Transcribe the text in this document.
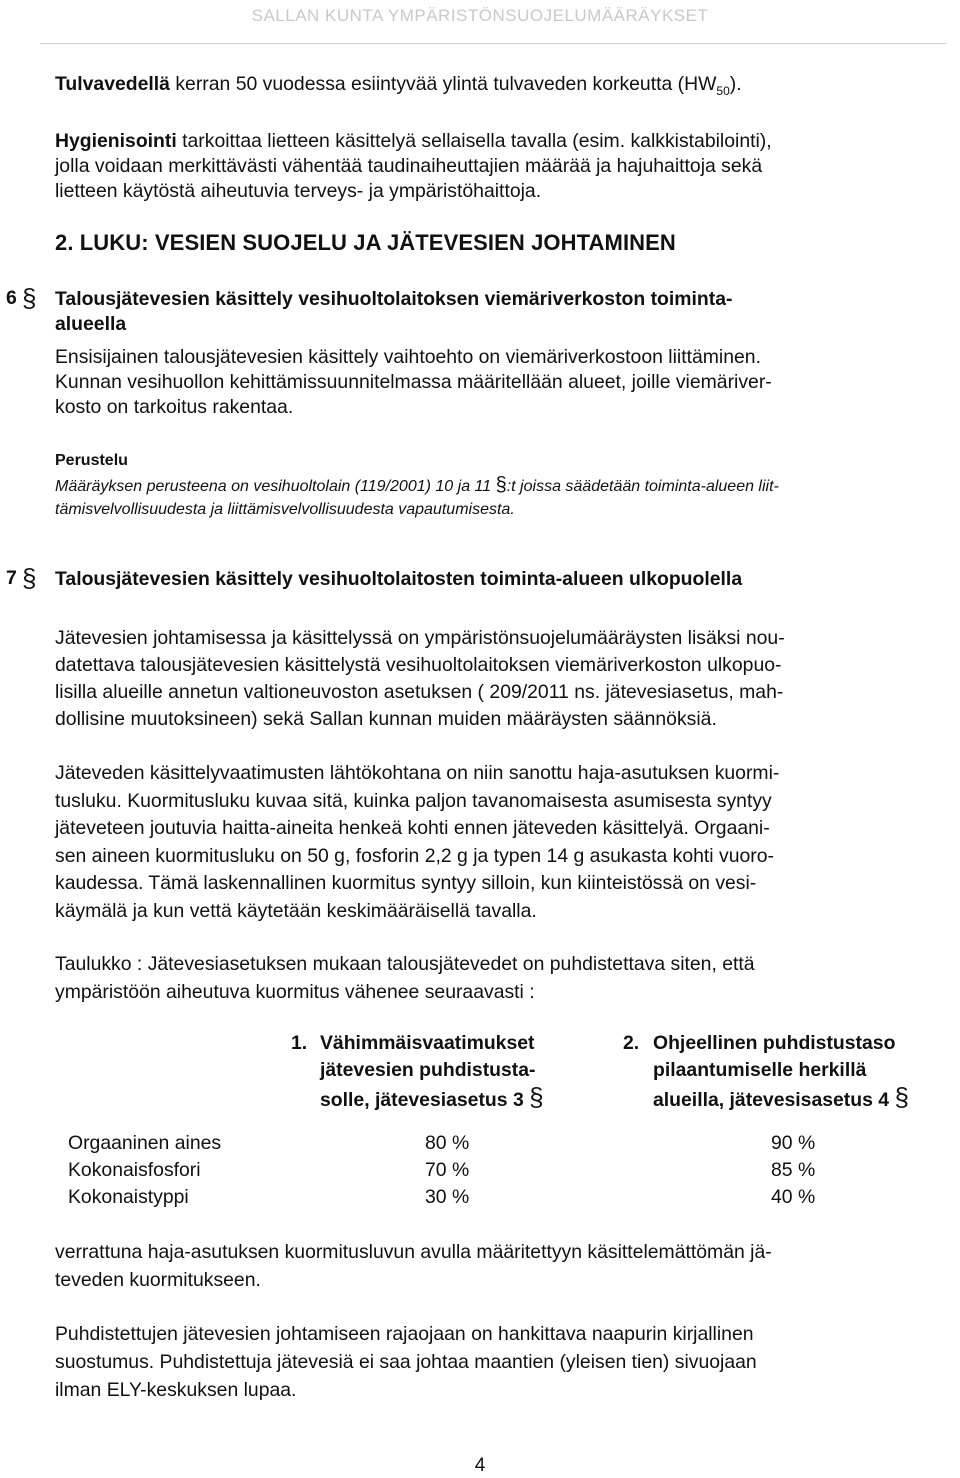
SALLAN KUNTA YMPÄRISTÖNSUOJELUMÄÄRÄYKSET
Tulvavedellä kerran 50 vuodessa esiintyvää ylintä tulvaveden korkeutta $(HW_{50})$.
Hygienisointi tarkoittaa lietteen käsittelyä sellaisella tavalla (esim. kalkkistabilointi),
jolla voidaan merkittävästi vähentää taudinaiheuttajien määrää ja hajuhaittoja sekä
lietteen käytöstä aiheutuvia terveys- ja ympäristöhaittoja.
2. LUKU: VESIEN SUOJELU JA JÄTEVESIEN JOHTAMINEN
6 § Talousjätevesien käsittely vesihuoltolaitoksen viemäriverkoston toiminta-
alueella
Ensisijainen talousjätevesien käsittely vaihtoehto on viemäriverkostoon liittäminen.
Kunnan vesihuollon kehittämissuunnitelmassa määritellään alueet, joille viemäriver-
kosto on tarkoitus rakentaa.
Perustelu
Määräyksen perusteena on vesihuoltolain (119/2001) 10 ja 11 §:t joissa säädetään toiminta-alueen liit-
tämisvelvollisuudesta ja liittämisvelvollisuudesta vapautumisesta.
7 § Talousjätevesien käsittely vesihuoltolaitosten toiminta-alueen ulkopuolella
Jätevesien johtamisessa ja käsittelyssä on ympäristönsuojelumääräysten lisäksi nou-
datettava talousjätevesien käsittelystä vesihuoltolaitoksen viemäriverkoston ulkopuo-
lisilla alueille annetun valtioneuvoston asetuksen ( 209/2011 ns. jätevesiasetus, mah-
dollisine muutoksineen) sekä Sallan kunnan muiden määräysten säännöksiä.
Jäteveden käsittelyvaatimusten lähtökohtana on niin sanottu haja-asutuksen kuormi-
tusluku. Kuormitusluku kuvaa sitä, kuinka paljon tavanomaisesta asumisesta syntyy
jäteveteen joutuvia haitta-aineita henkeä kohti ennen jäteveden käsittelyä. Orgaani-
sen aineen kuormitusluku on 50 g, fosforin 2,2 g ja typen 14 g asukasta kohti vuoro-
kaudessa. Tämä laskennallinen kuormitus syntyy silloin, kun kiinteistössä on vesi-
käymälä ja kun vettä käytetään keskimääräisellä tavalla.
Taulukko : Jätevesiasetuksen mukaan talousjätevedet on puhdistettava siten, että
ympäristöön aiheutuva kuormitus vähenee seuraavasti :
1. Vähimmäisvaatimukset
jätevesien puhdistusta-
solle, jätevesiasetus 3 §
2. Ohjeellinen puhdistustaso
pilaantumiselle herkillä
alueilla, jätevesisasetus 4 §
Orgaaninen aines
Kokonaisfosfori
Kokonaistyppi
80 %
70 %
30 %
90 %
85 %
40 %
verrattuna haja-asutuksen kuormitusluvun avulla määritettyyn käsittelemättömän jä-
teveden kuormitukseen.
Puhdistettujen jätevesien johtamiseen rajaojaan on hankittava naapurin kirjallinen
suostumus. Puhdistettuja jätevesiä ei saa johtaa maantien (yleisen tien) sivuojaan
ilman ELY-keskuksen lupaa.
4
